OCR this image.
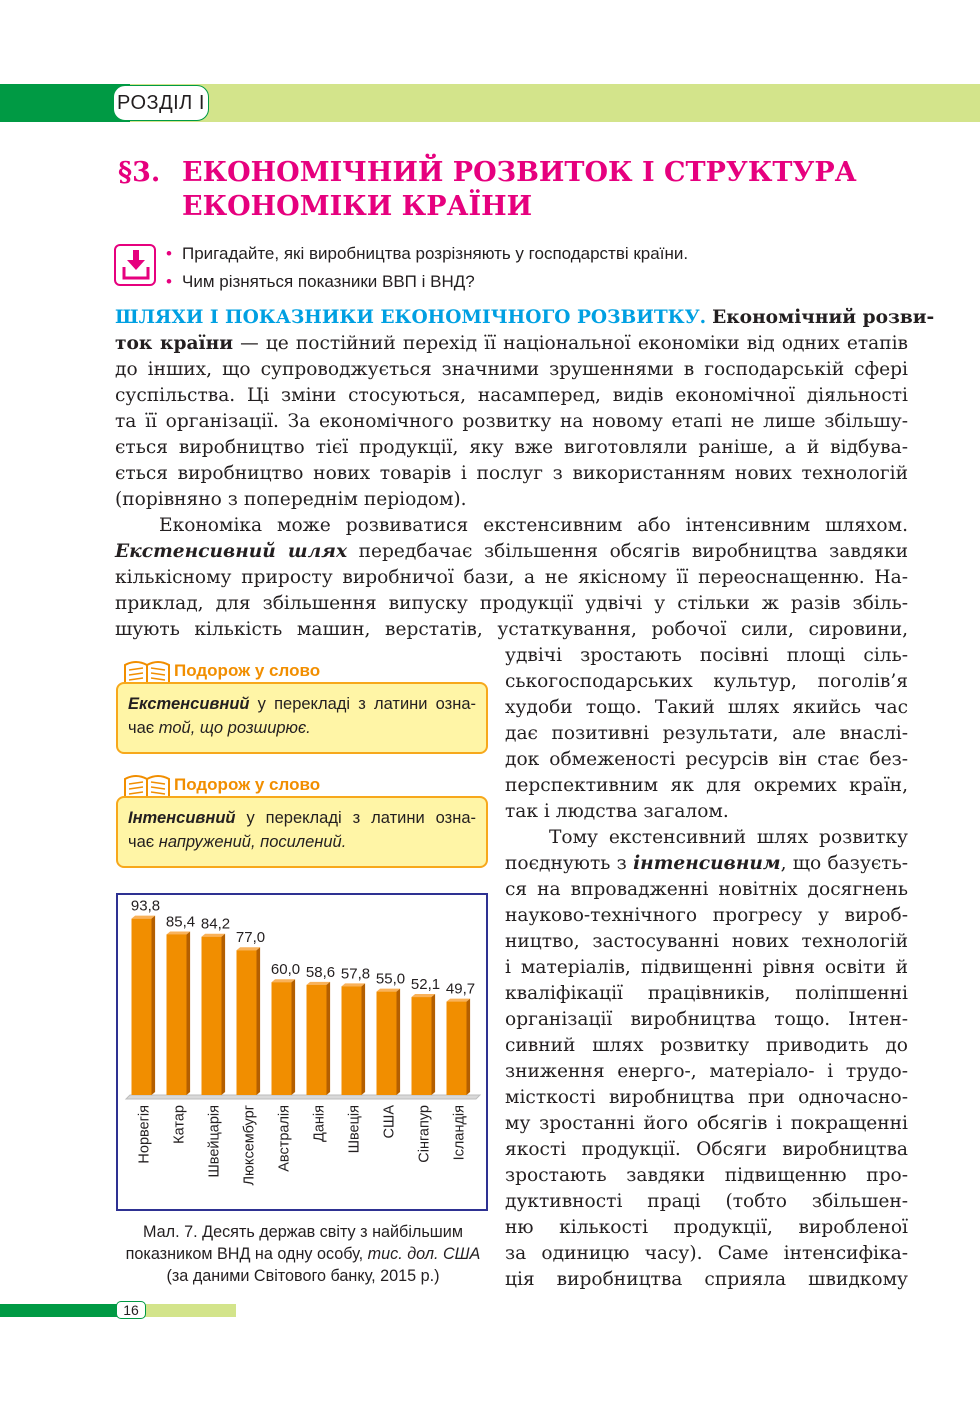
РОЗДІЛ І
§3. ЕКОНОМІЧНИЙ РОЗВИТОК І СТРУКТУРА
ЕКОНОМІКИ КРАЇНИ
• Пригадайте, які виробництва розрізняють у господарстві країни.
• Чим різняться показники ВВП і ВНД?
ШЛЯХИ І ПОКАЗНИКИ ЕКОНОМІЧНОГО РОЗВИТКУ. Економічний розви-
ток країни — це постійний перехід її національної економіки від одних етапів
до інших, що супроводжується значними зрушеннями в господарській сфері
суспільства. Ці зміни стосуються, насамперед, видів економічної діяльності
та її організації. За економічного розвитку на новому етапі не лише збільшу-
ється виробництво тієї продукції, яку вже виготовляли раніше, а й відбува-
ється виробництво нових товарів і послуг з використанням нових технологій
(порівняно з попереднім періодом).
Економіка може розвиватися екстенсивним або інтенсивним шляхом.
Екстенсивний шлях передбачає збільшення обсягів виробництва завдяки
кількісному приросту виробничої бази, а не якісному її переоснащенню. На-
приклад, для збільшення випуску продукції удвічі у стільки ж разів збіль-
шують кількість машин, верстатів, устаткування, робочої сили, сировини,
удвічі зростають посівні площі сіль-
ськогосподарських культур, поголів’я
худоби тощо. Такий шлях якийсь час
дає позитивні результати, але внаслі-
док обмеженості ресурсів він стає без-
перспективним як для окремих країн,
так і людства загалом.
Тому екстенсивний шлях розвитку
поєднують з інтенсивним, що базуєть-
ся на впровадженні новітніх досягнень
науково-технічного прогресу у вироб-
ництво, застосуванні нових технологій
і матеріалів, підвищенні рівня освіти й
кваліфікації працівників, поліпшенні
організації виробництва тощо. Інтен-
сивний шлях розвитку приводить до
зниження енерго-, матеріало- і трудо-
місткості виробництва при одночасно-
му зростанні його обсягів і покращенні
якості продукції. Обсяги виробництва
зростають завдяки підвищенню про-
дуктивності праці (тобто збільшен-
ню кількості продукції, виробленої
за одиницю часу). Саме інтенсифіка-
ція виробництва сприяла швидкому
Подорож у слово
Екстенсивний у перекладі з латини озна-
чає той, що розширює.
Подорож у слово
Інтенсивний у перекладі з латини озна-
чає напружений, посилений.
93,8
Норвегія
85,4
Катар
84,2
Швейцарія
77,0
Люксембург
60,0
Австралія
58,6
Данія
57,8
Швеція
55,0
США
52,1
Сінгапур
49,7
Ісландія
Мал. 7. Десять держав світу з найбільшим
показником ВНД на одну особу, тис. дол. США
(за даними Світового банку, 2015 р.)
16
